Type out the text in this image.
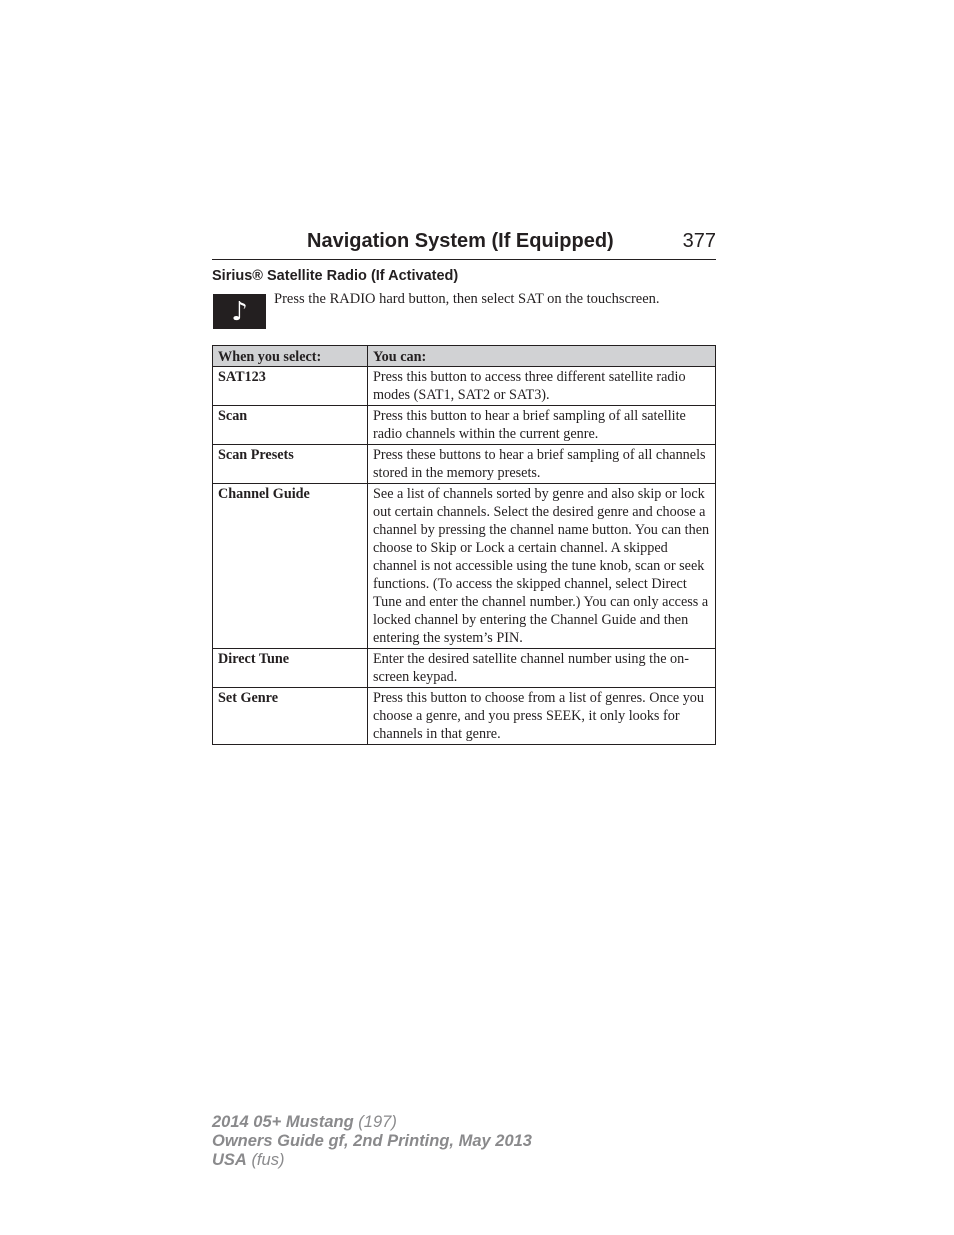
Navigation System (If Equipped)	377
Sirius® Satellite Radio (If Activated)
♪ Press the RADIO hard button, then select SAT on the touchscreen.
When you select:	You can:
SAT123	Press this button to access three different satellite radio modes (SAT1, SAT2 or SAT3).
Scan	Press this button to hear a brief sampling of all satellite radio channels within the current genre.
Scan Presets	Press these buttons to hear a brief sampling of all channels stored in the memory presets.
Channel Guide	See a list of channels sorted by genre and also skip or lock out certain channels. Select the desired genre and choose a channel by pressing the channel name button. You can then choose to Skip or Lock a certain channel. A skipped channel is not accessible using the tune knob, scan or seek functions. (To access the skipped channel, select Direct Tune and enter the channel number.) You can only access a locked channel by entering the Channel Guide and then entering the system’s PIN.
Direct Tune	Enter the desired satellite channel number using the on-screen keypad.
Set Genre	Press this button to choose from a list of genres. Once you choose a genre, and you press SEEK, it only looks for channels in that genre.
2014 05+ Mustang (197)
Owners Guide gf, 2nd Printing, May 2013
USA (fus)
